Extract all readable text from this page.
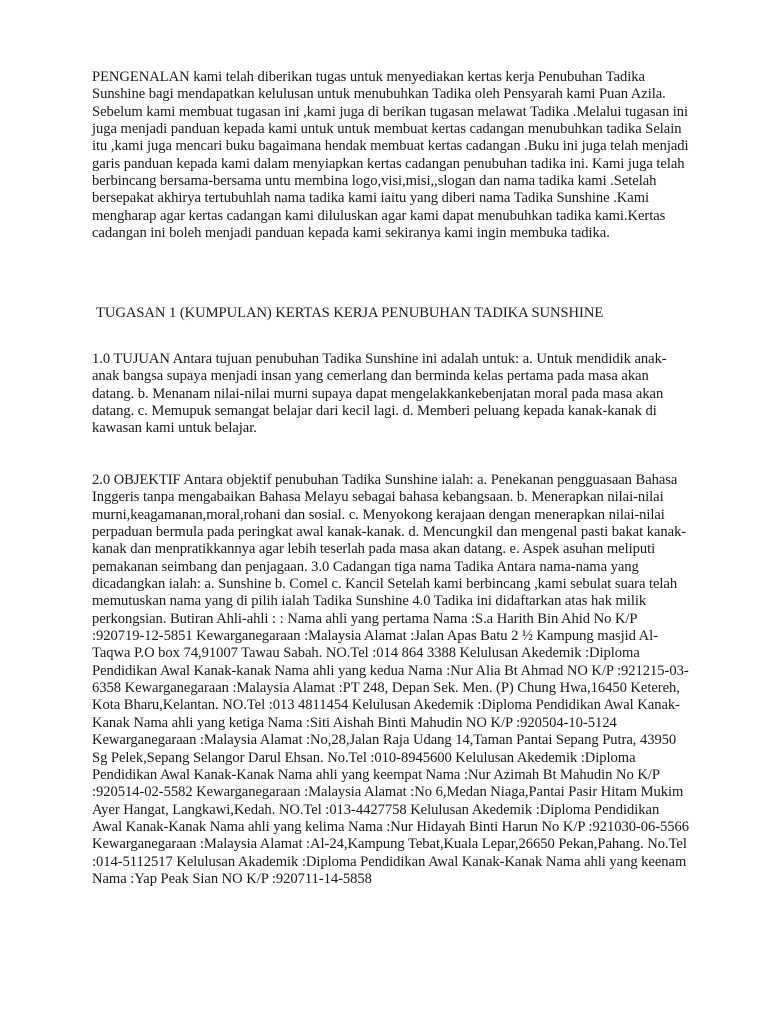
PENGENALAN kami telah diberikan tugas untuk menyediakan kertas kerja Penubuhan Tadika Sunshine bagi mendapatkan kelulusan untuk menubuhkan Tadika oleh Pensyarah kami Puan Azila. Sebelum kami membuat tugasan ini ,kami juga di berikan tugasan melawat Tadika .Melalui tugasan ini juga menjadi panduan kepada kami untuk untuk membuat kertas cadangan menubuhkan tadika Selain itu ,kami juga mencari buku bagaimana hendak membuat kertas cadangan .Buku ini juga telah menjadi garis panduan kepada kami dalam menyiapkan kertas cadangan penubuhan tadika ini. Kami juga telah berbincang bersama-bersama untu membina logo,visi,misi,,slogan dan nama tadika kami .Setelah bersepakat akhirya tertubuhlah nama tadika kami iaitu yang diberi nama Tadika Sunshine .Kami mengharap agar kertas cadangan kami diluluskan agar kami dapat menubuhkan tadika kami.Kertas cadangan ini boleh menjadi panduan kepada kami sekiranya kami ingin membuka tadika.

TUGASAN 1 (KUMPULAN) KERTAS KERJA PENUBUHAN TADIKA SUNSHINE

1.0 TUJUAN Antara tujuan penubuhan Tadika Sunshine ini adalah untuk: a. Untuk mendidik anak-anak bangsa supaya menjadi insan yang cemerlang dan berminda kelas pertama pada masa akan datang. b. Menanam nilai-nilai murni supaya dapat mengelakkankebenjatan moral pada masa akan datang. c. Memupuk semangat belajar dari kecil lagi. d. Memberi peluang kepada kanak-kanak di kawasan kami untuk belajar.

2.0 OBJEKTIF Antara objektif penubuhan Tadika Sunshine ialah: a. Penekanan pengguasaan Bahasa Inggeris tanpa mengabaikan Bahasa Melayu sebagai bahasa kebangsaan. b. Menerapkan nilai-nilai murni,keagamanan,moral,rohani dan sosial. c. Menyokong kerajaan dengan menerapkan nilai-nilai perpaduan bermula pada peringkat awal kanak-kanak. d. Mencungkil dan mengenal pasti bakat kanak-kanak dan menpratikkannya agar lebih teserlah pada masa akan datang. e. Aspek asuhan meliputi pemakanan seimbang dan penjagaan. 3.0 Cadangan tiga nama Tadika Antara nama-nama yang dicadangkan ialah: a. Sunshine b. Comel c. Kancil Setelah kami berbincang ,kami sebulat suara telah memutuskan nama yang di pilih ialah Tadika Sunshine 4.0 Tadika ini didaftarkan atas hak milik perkongsian. Butiran Ahli-ahli : : Nama ahli yang pertama Nama :S.a Harith Bin Ahid No K/P :920719-12-5851 Kewarganegaraan :Malaysia Alamat :Jalan Apas Batu 2 ½ Kampung masjid Al-Taqwa P.O box 74,91007 Tawau Sabah. NO.Tel :014 864 3388 Kelulusan Akedemik :Diploma Pendidikan Awal Kanak-kanak Nama ahli yang kedua Nama :Nur Alia Bt Ahmad NO K/P :921215-03-6358 Kewarganegaraan :Malaysia Alamat :PT 248, Depan Sek. Men. (P) Chung Hwa,16450 Ketereh, Kota Bharu,Kelantan. NO.Tel :013 4811454 Kelulusan Akedemik :Diploma Pendidikan Awal Kanak-Kanak Nama ahli yang ketiga Nama :Siti Aishah Binti Mahudin NO K/P :920504-10-5124 Kewarganegaraan :Malaysia Alamat :No,28,Jalan Raja Udang 14,Taman Pantai Sepang Putra, 43950 Sg Pelek,Sepang Selangor Darul Ehsan. No.Tel :010-8945600 Kelulusan Akedemik :Diploma Pendidikan Awal Kanak-Kanak Nama ahli yang keempat Nama :Nur Azimah Bt Mahudin No K/P :920514-02-5582 Kewarganegaraan :Malaysia Alamat :No 6,Medan Niaga,Pantai Pasir Hitam Mukim Ayer Hangat, Langkawi,Kedah. NO.Tel :013-4427758 Kelulusan Akedemik :Diploma Pendidikan Awal Kanak-Kanak Nama ahli yang kelima Nama :Nur Hidayah Binti Harun No K/P :921030-06-5566 Kewarganegaraan :Malaysia Alamat :Al-24,Kampung Tebat,Kuala Lepar,26650 Pekan,Pahang. No.Tel :014-5112517 Kelulusan Akademik :Diploma Pendidikan Awal Kanak-Kanak Nama ahli yang keenam Nama :Yap Peak Sian NO K/P :920711-14-5858
